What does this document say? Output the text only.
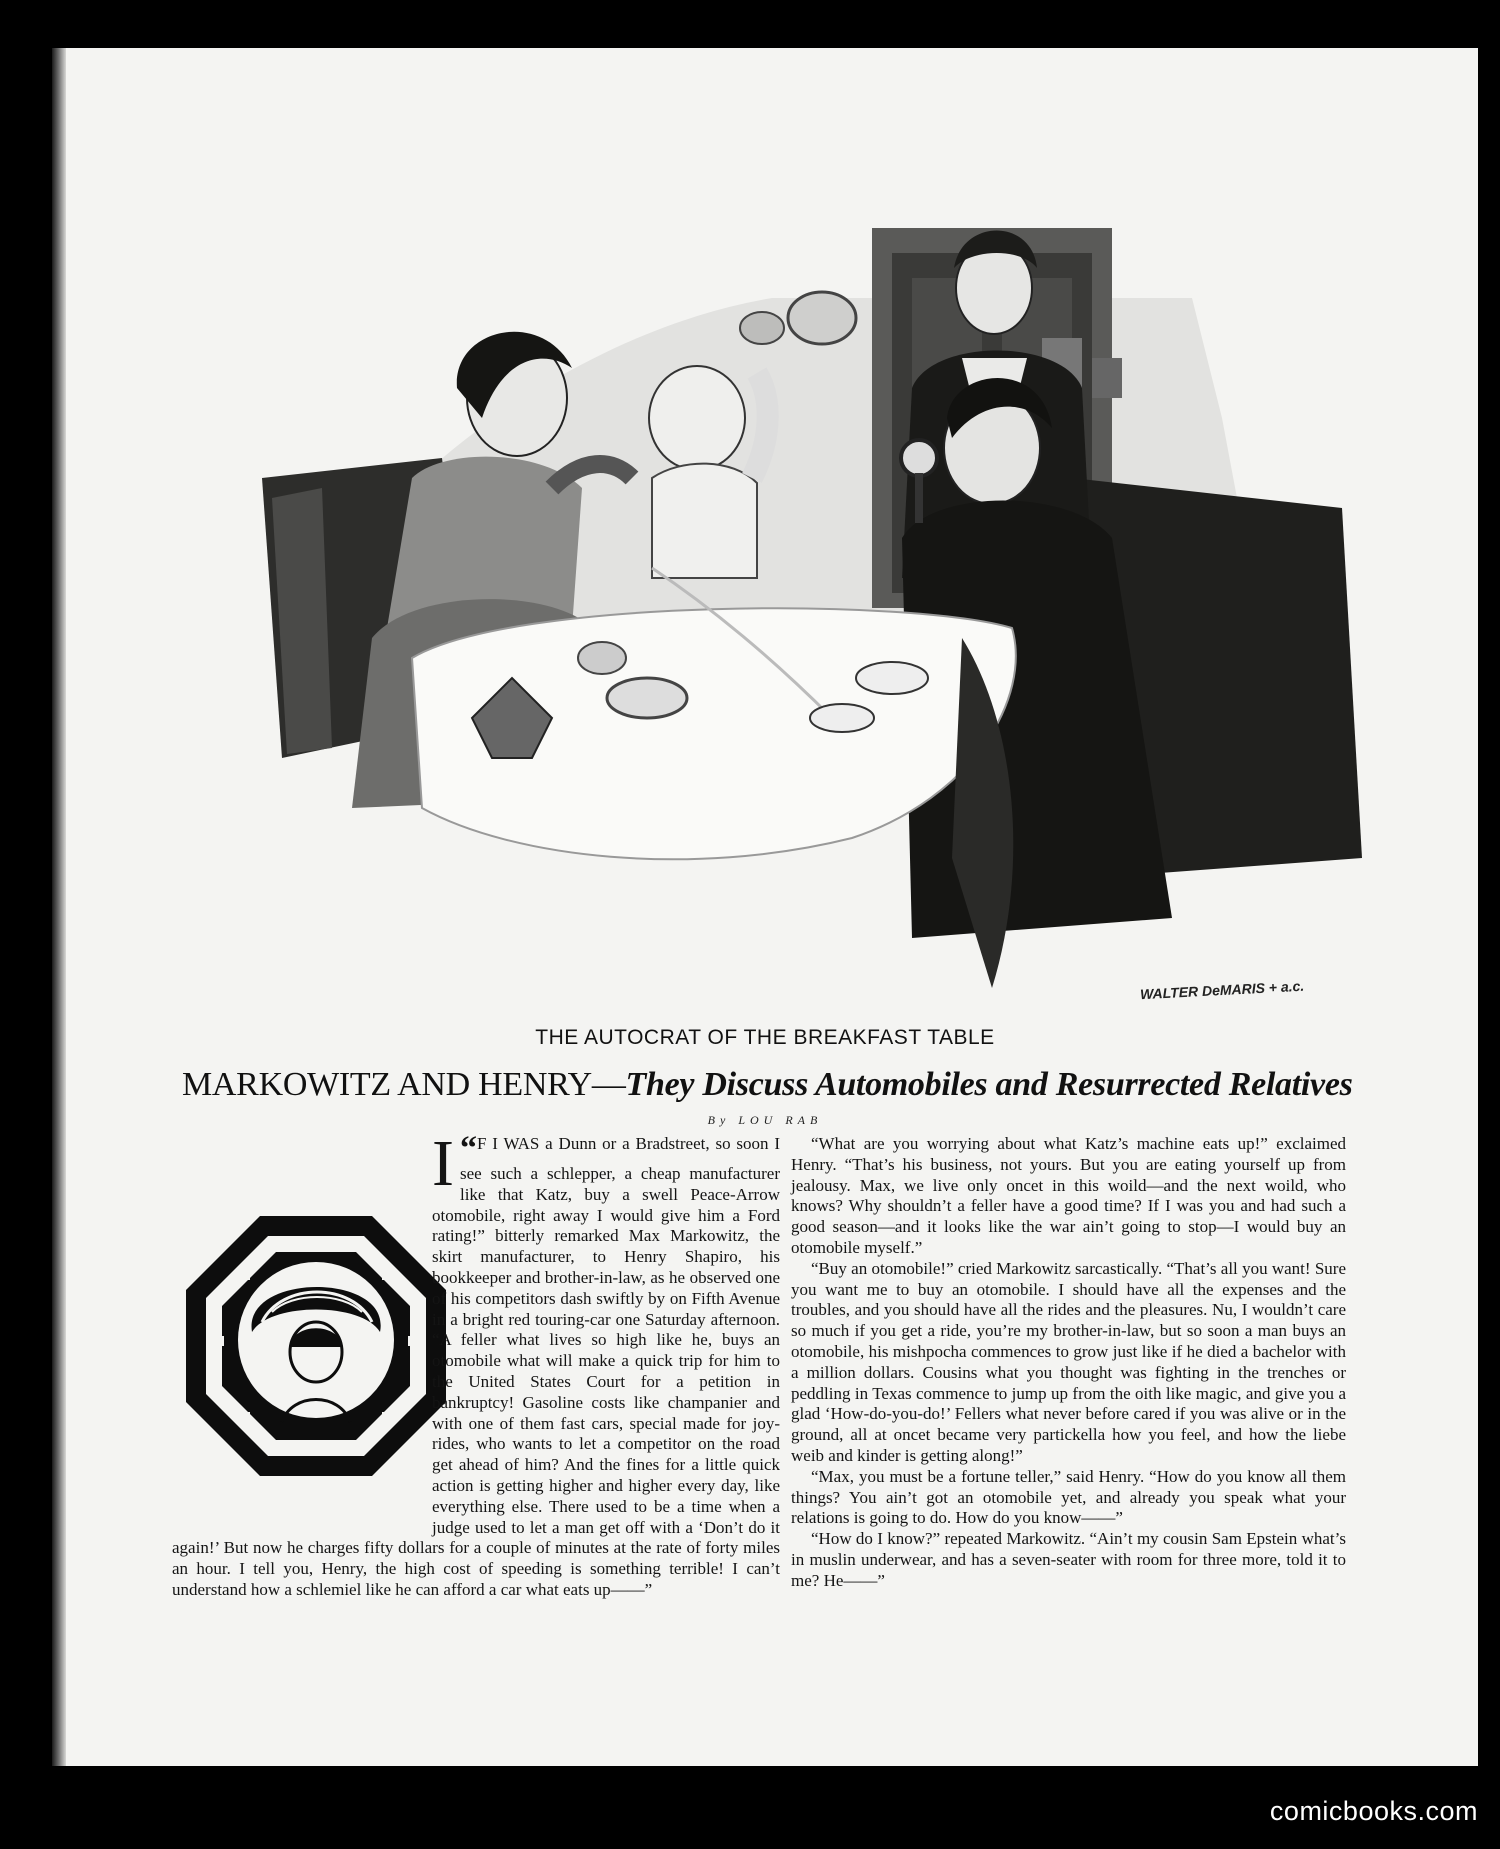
WALTER DeMARIS + a.c.
THE AUTOCRAT OF THE BREAKFAST TABLE
MARKOWITZ AND HENRY—They Discuss Automobiles and Resurrected Relatives
By LOU RAB

“
I F I WAS a Dunn or a Bradstreet, so soon I see such a schlepper, a cheap manufacturer like that Katz, buy a swell Peace-Arrow otomobile, right away I would give him a Ford rating!” bitterly remarked Max Markowitz, the skirt manufacturer, to Henry Shapiro, his bookkeeper and brother-in-law, as he observed one of his competitors dash swiftly by on Fifth Avenue in a bright red touring-car one Saturday afternoon. “A feller what lives so high like he, buys an otomobile what will make a quick trip for him to the United States Court for a petition in bankruptcy! Gasoline costs like champanier and with one of them fast cars, special made for joy-rides, who wants to let a competitor on the road get ahead of him? And the fines for a little quick action is getting higher and higher every day, like everything else. There used to be a time when a judge used to let a man get off with a ‘Don’t do it again!’ But now he charges fifty dollars for a couple of minutes at the rate of forty miles an hour. I tell you, Henry, the high cost of speeding is something terrible! I can’t understand how a schlemiel like he can afford a car what eats up——”

“What are you worrying about what Katz’s machine eats up!” exclaimed Henry. “That’s his business, not yours. But you are eating yourself up from jealousy. Max, we live only oncet in this woild—and the next woild, who knows? Why shouldn’t a feller have a good time? If I was you and had such a good season—and it looks like the war ain’t going to stop—I would buy an otomobile myself.”

“Buy an otomobile!” cried Markowitz sarcastically. “That’s all you want! Sure you want me to buy an otomobile. I should have all the expenses and the troubles, and you should have all the rides and the pleasures. Nu, I wouldn’t care so much if you get a ride, you’re my brother-in-law, but so soon a man buys an otomobile, his mishpocha commences to grow just like if he died a bachelor with a million dollars. Cousins what you thought was fighting in the trenches or peddling in Texas commence to jump up from the oith like magic, and give you a glad ‘How-do-you-do!’ Fellers what never before cared if you was alive or in the ground, all at oncet became very partickella how you feel, and how the liebe weib and kinder is getting along!”

“Max, you must be a fortune teller,” said Henry. “How do you know all them things? You ain’t got an otomobile yet, and already you speak what your relations is going to do. How do you know——”

“How do I know?” repeated Markowitz. “Ain’t my cousin Sam Epstein what’s in muslin underwear, and has a seven-seater with room for three more, told it to me? He——”

comicbooks.com
